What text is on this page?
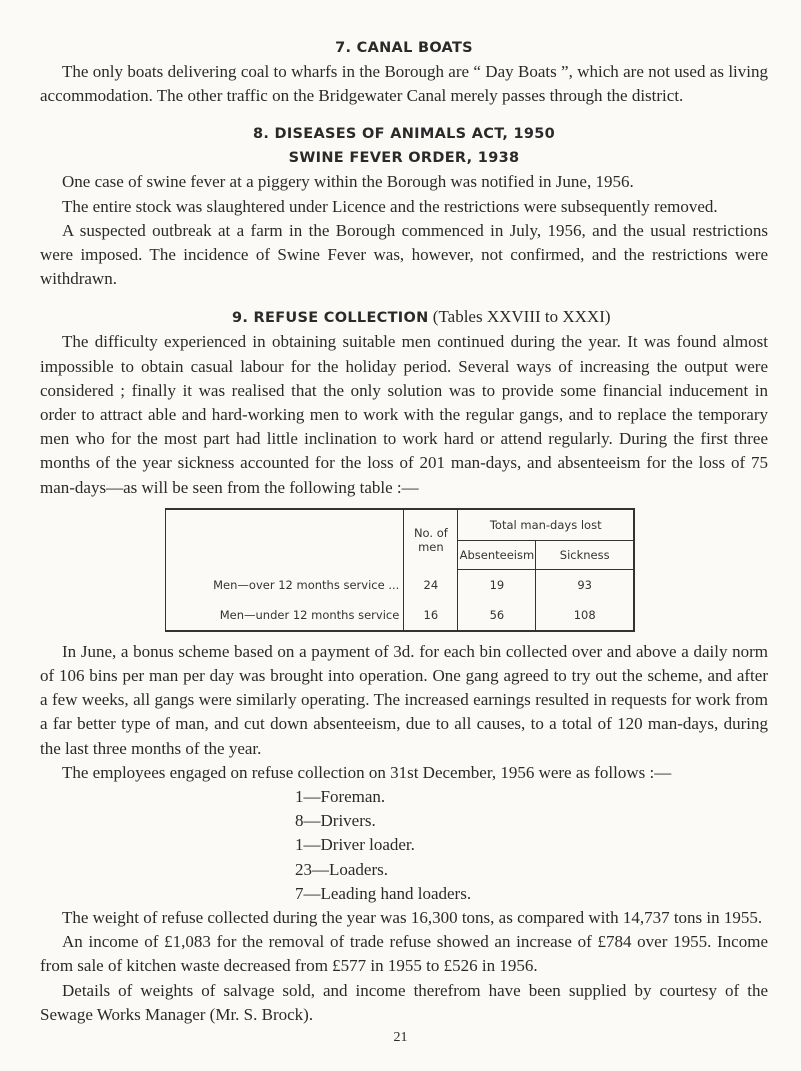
7. CANAL BOATS

The only boats delivering coal to wharfs in the Borough are “ Day Boats ”, which are not used as living accommodation. The other traffic on the Bridgewater Canal merely passes through the district.

8. DISEASES OF ANIMALS ACT, 1950
SWINE FEVER ORDER, 1938

One case of swine fever at a piggery within the Borough was notified in June, 1956.

The entire stock was slaughtered under Licence and the restrictions were subsequently removed.

A suspected outbreak at a farm in the Borough commenced in July, 1956, and the usual restrictions were imposed. The incidence of Swine Fever was, however, not confirmed, and the restrictions were withdrawn.

9. REFUSE COLLECTION (Tables XXVIII to XXXI)

The difficulty experienced in obtaining suitable men continued during the year. It was found almost impossible to obtain casual labour for the holiday period. Several ways of increasing the output were considered ; finally it was realised that the only solution was to provide some financial inducement in order to attract able and hard-working men to work with the regular gangs, and to replace the temporary men who for the most part had little inclination to work hard or attend regularly. During the first three months of the year sickness accounted for the loss of 201 man-days, and absenteeism for the loss of 75 man-days—as will be seen from the following table :—

	No. of men	Total man-days lost	
		Absenteeism	Sickness
Men—over 12 months service ...	24	19	93
Men—under 12 months service	16	56	108

In June, a bonus scheme based on a payment of 3d. for each bin collected over and above a daily norm of 106 bins per man per day was brought into operation. One gang agreed to try out the scheme, and after a few weeks, all gangs were similarly operating. The increased earnings resulted in requests for work from a far better type of man, and cut down absenteeism, due to all causes, to a total of 120 man-days, during the last three months of the year.

The employees engaged on refuse collection on 31st December, 1956 were as follows :—

1—Foreman.
8—Drivers.
1—Driver loader.
23—Loaders.
7—Leading hand loaders.

The weight of refuse collected during the year was 16,300 tons, as compared with 14,737 tons in 1955.

An income of £1,083 for the removal of trade refuse showed an increase of £784 over 1955. Income from sale of kitchen waste decreased from £577 in 1955 to £526 in 1956.

Details of weights of salvage sold, and income therefrom have been supplied by courtesy of the Sewage Works Manager (Mr. S. Brock).

21
